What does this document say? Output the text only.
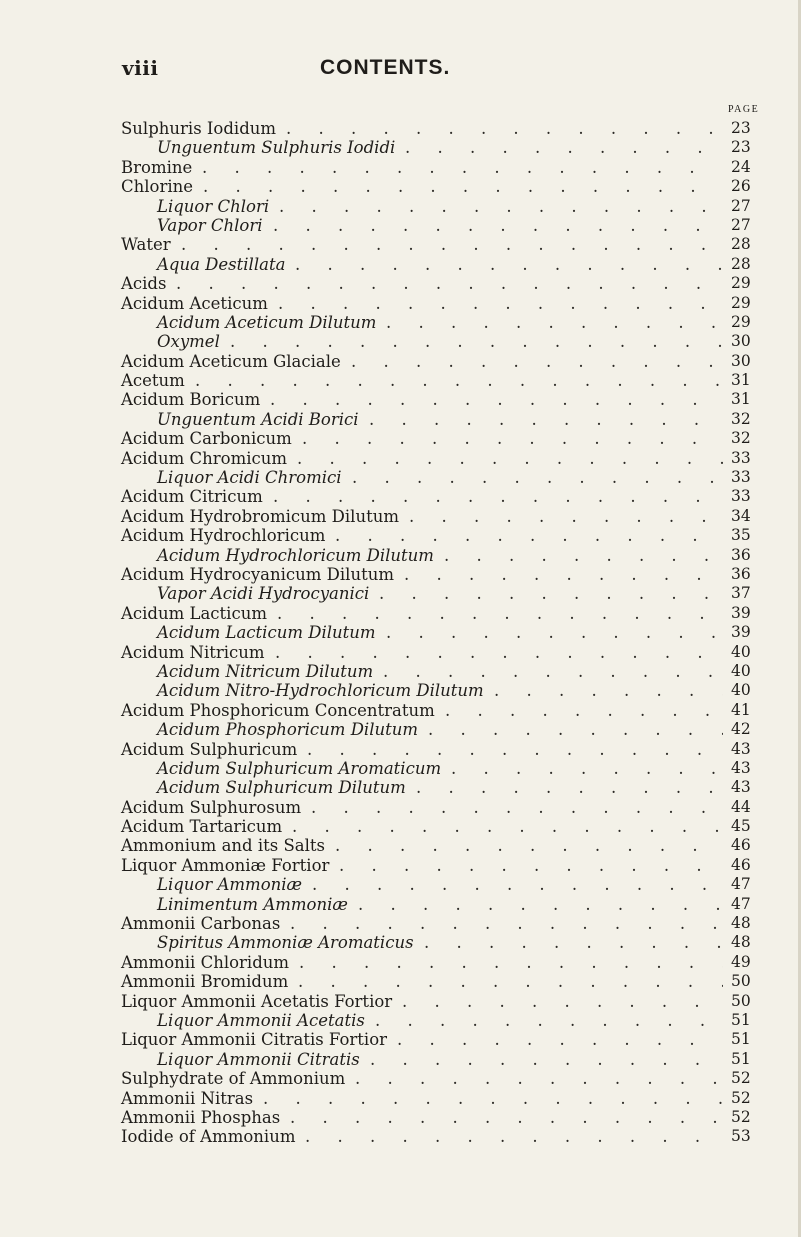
viii	CONTENTS.
PAGE
Sulphuris Iodidum . . .	23
Unguentum Sulphuris Iodidi . . .	23
Bromine . . .	24
Chlorine . . .	26
Liquor Chlori . . .	27
Vapor Chlori . . .	27
Water . . .	28
Aqua Destillata . . .	28
Acids . . .	29
Acidum Aceticum . . .	29
Acidum Aceticum Dilutum . . .	29
Oxymel . . .	30
Acidum Aceticum Glaciale . . .	30
Acetum . . .	31
Acidum Boricum . . .	31
Unguentum Acidi Borici . . .	32
Acidum Carbonicum . . .	32
Acidum Chromicum . . .	33
Liquor Acidi Chromici . . .	33
Acidum Citricum . . .	33
Acidum Hydrobromicum Dilutum . . .	34
Acidum Hydrochloricum . . .	35
Acidum Hydrochloricum Dilutum . . .	36
Acidum Hydrocyanicum Dilutum . . .	36
Vapor Acidi Hydrocyanici . . .	37
Acidum Lacticum . . .	39
Acidum Lacticum Dilutum . . .	39
Acidum Nitricum . . .	40
Acidum Nitricum Dilutum . . .	40
Acidum Nitro-Hydrochloricum Dilutum . . .	40
Acidum Phosphoricum Concentratum . . .	41
Acidum Phosphoricum Dilutum . . .	42
Acidum Sulphuricum . . .	43
Acidum Sulphuricum Aromaticum . . .	43
Acidum Sulphuricum Dilutum . . .	43
Acidum Sulphurosum . . .	44
Acidum Tartaricum . . .	45
Ammonium and its Salts . . .	46
Liquor Ammoniæ Fortior . . .	46
Liquor Ammoniæ . . .	47
Linimentum Ammoniæ . . .	47
Ammonii Carbonas . . .	48
Spiritus Ammoniæ Aromaticus . . .	48
Ammonii Chloridum . . .	49
Ammonii Bromidum . . .	50
Liquor Ammonii Acetatis Fortior . . .	50
Liquor Ammonii Acetatis . . .	51
Liquor Ammonii Citratis Fortior . . .	51
Liquor Ammonii Citratis . . .	51
Sulphydrate of Ammonium . . .	52
Ammonii Nitras . . .	52
Ammonii Phosphas . . .	52
Iodide of Ammonium . . .	53
